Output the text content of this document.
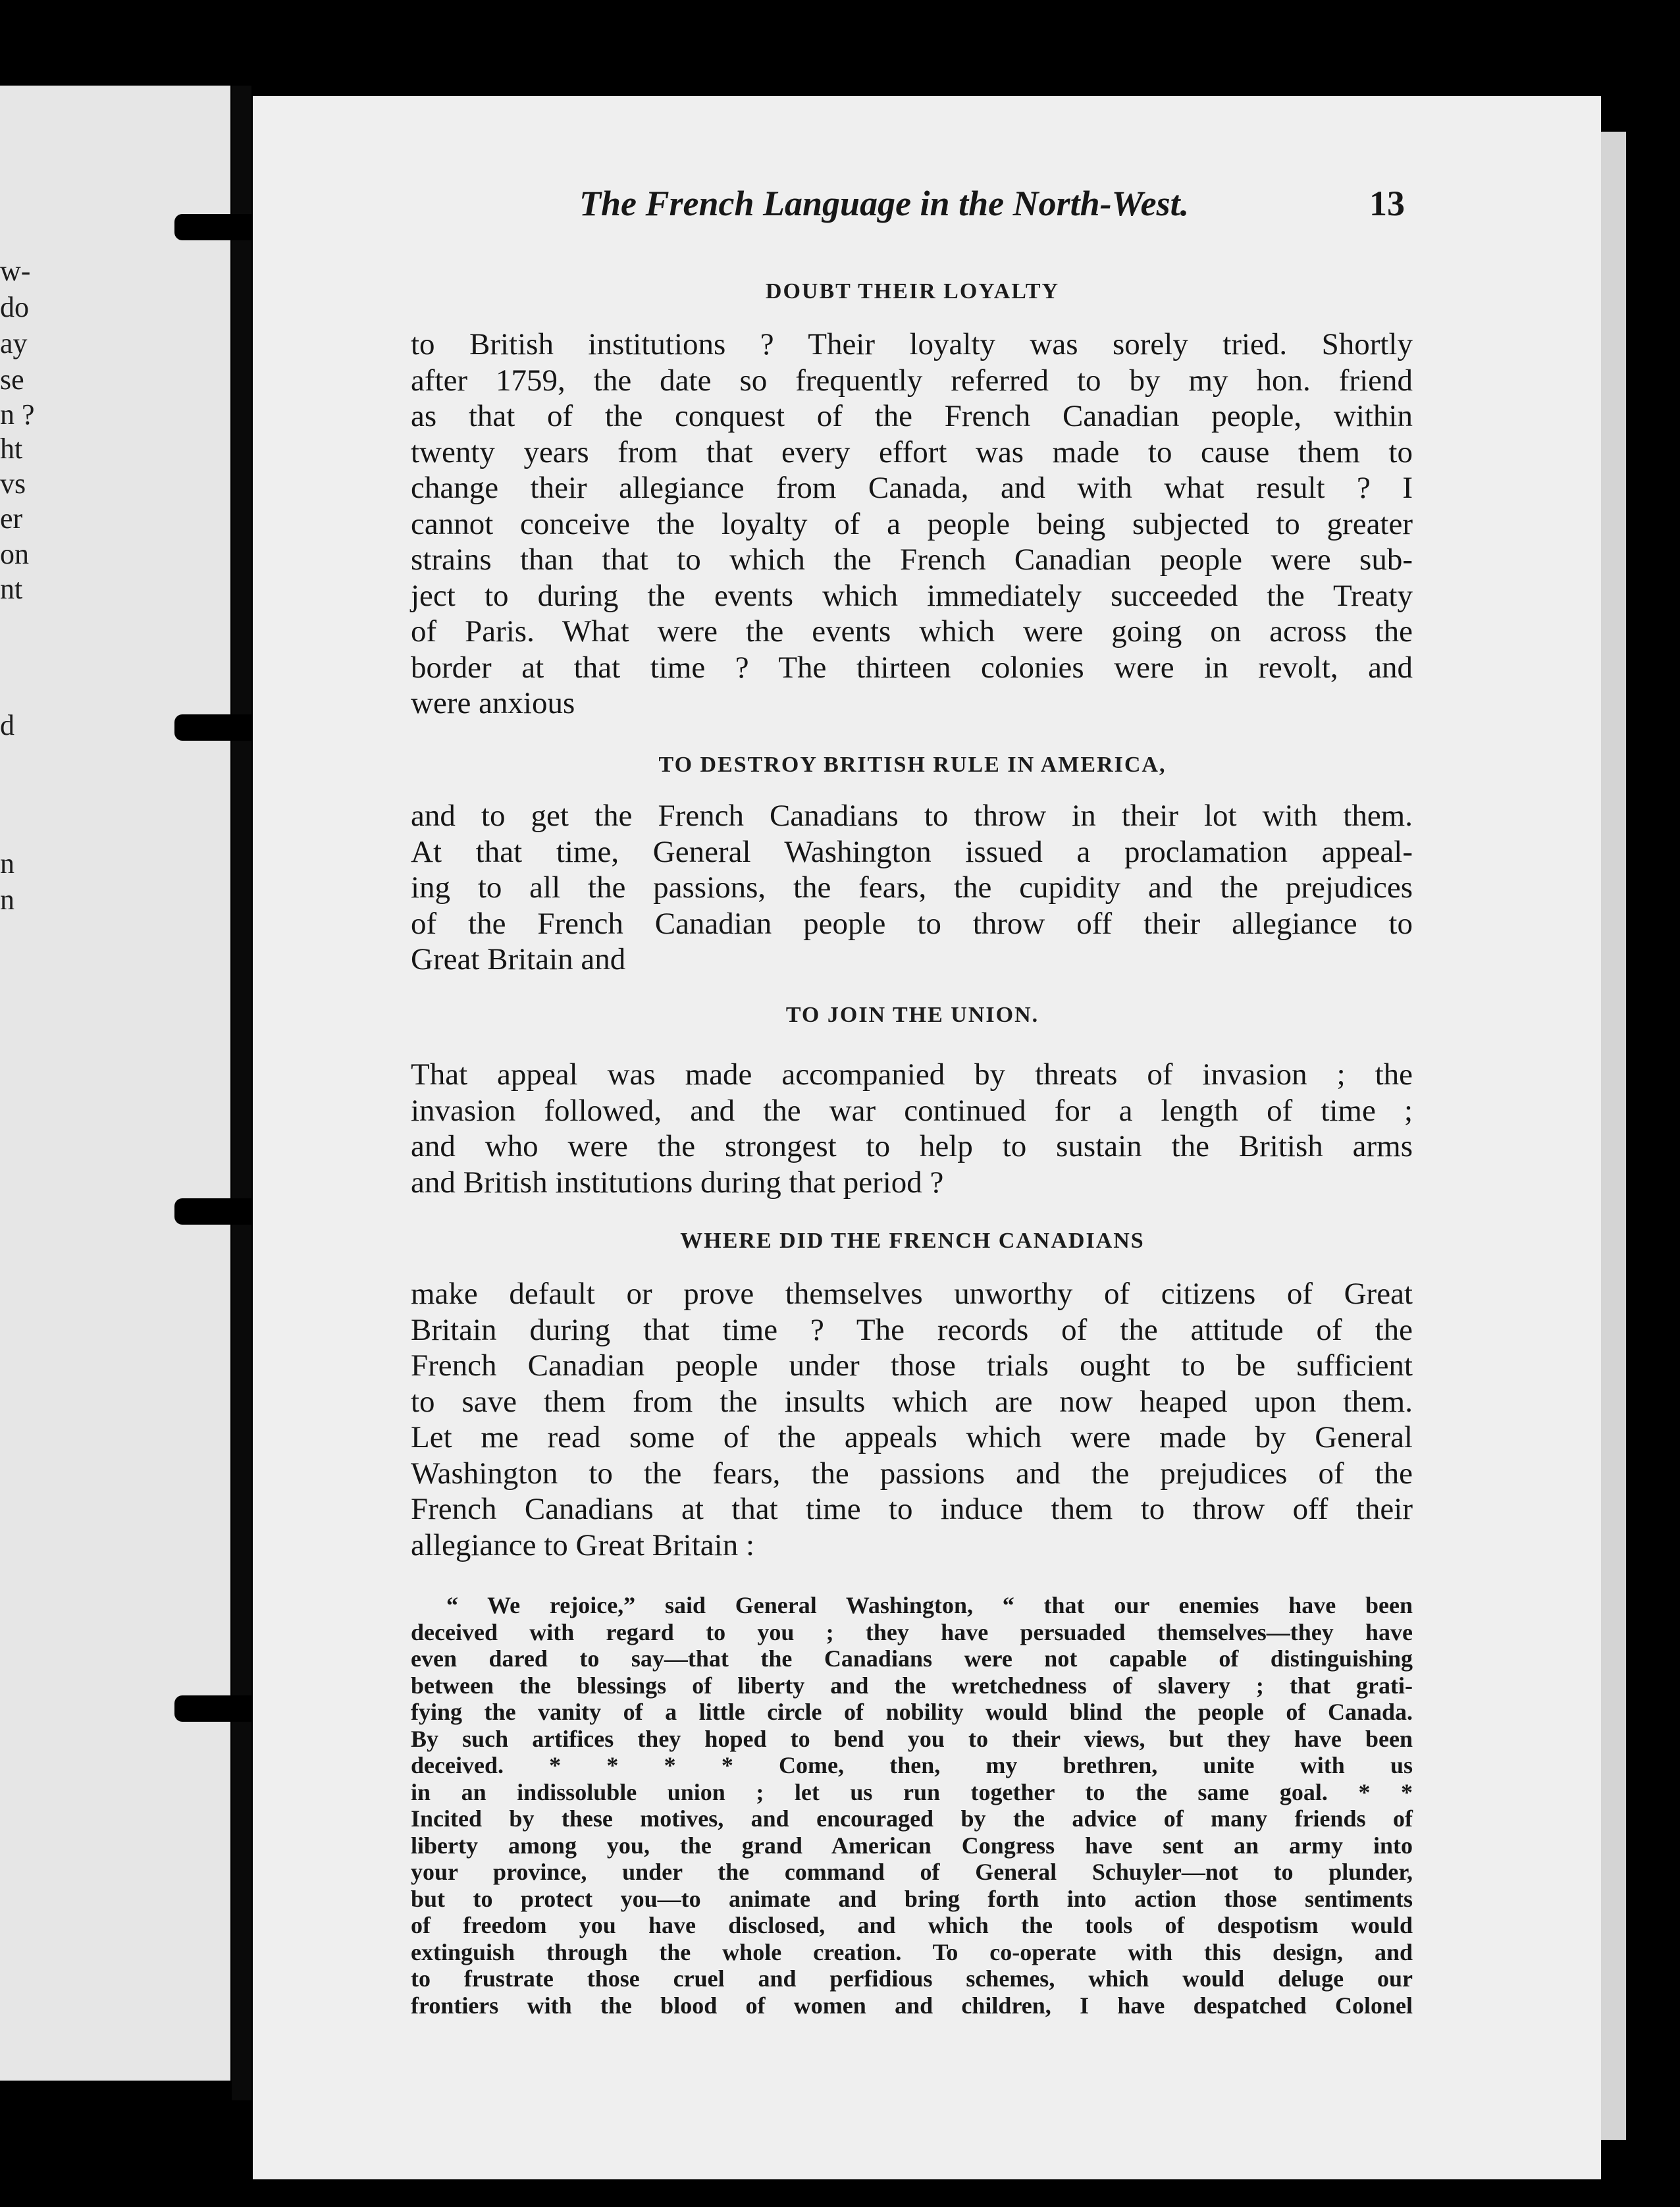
w-
do
ay
se
n ?
ht
vs
er
on
nt
d
n
n
The French Language in the North-West.	13
DOUBT THEIR LOYALTY
to British institutions ? Their loyalty was sorely tried. Shortly
after 1759, the date so frequently referred to by my hon. friend
as that of the conquest of the French Canadian people, within
twenty years from that every effort was made to cause them to
change their allegiance from Canada, and with what result ? I
cannot conceive the loyalty of a people being subjected to greater
strains than that to which the French Canadian people were sub-
ject to during the events which immediately succeeded the Treaty
of Paris. What were the events which were going on across the
border at that time ? The thirteen colonies were in revolt, and
were anxious
TO DESTROY BRITISH RULE IN AMERICA,
and to get the French Canadians to throw in their lot with them.
At that time, General Washington issued a proclamation appeal-
ing to all the passions, the fears, the cupidity and the prejudices
of the French Canadian people to throw off their allegiance to
Great Britain and
TO JOIN THE UNION.
That appeal was made accompanied by threats of invasion ; the
invasion followed, and the war continued for a length of time ;
and who were the strongest to help to sustain the British arms
and British institutions during that period ?
WHERE DID THE FRENCH CANADIANS
make default or prove themselves unworthy of citizens of Great
Britain during that time ? The records of the attitude of the
French Canadian people under those trials ought to be sufficient
to save them from the insults which are now heaped upon them.
Let me read some of the appeals which were made by General
Washington to the fears, the passions and the prejudices of the
French Canadians at that time to induce them to throw off their
allegiance to Great Britain :
“ We rejoice,” said General Washington, “ that our enemies have been
deceived with regard to you ; they have persuaded themselves—they have
even dared to say—that the Canadians were not capable of distinguishing
between the blessings of liberty and the wretchedness of slavery ; that grati-
fying the vanity of a little circle of nobility would blind the people of Canada.
By such artifices they hoped to bend you to their views, but they have been
deceived. * * * * Come, then, my brethren, unite with us
in an indissoluble union ; let us run together to the same goal. * *
Incited by these motives, and encouraged by the advice of many friends of
liberty among you, the grand American Congress have sent an army into
your province, under the command of General Schuyler—not to plunder,
but to protect you—to animate and bring forth into action those sentiments
of freedom you have disclosed, and which the tools of despotism would
extinguish through the whole creation. To co-operate with this design, and
to frustrate those cruel and perfidious schemes, which would deluge our
frontiers with the blood of women and children, I have despatched Colonel
